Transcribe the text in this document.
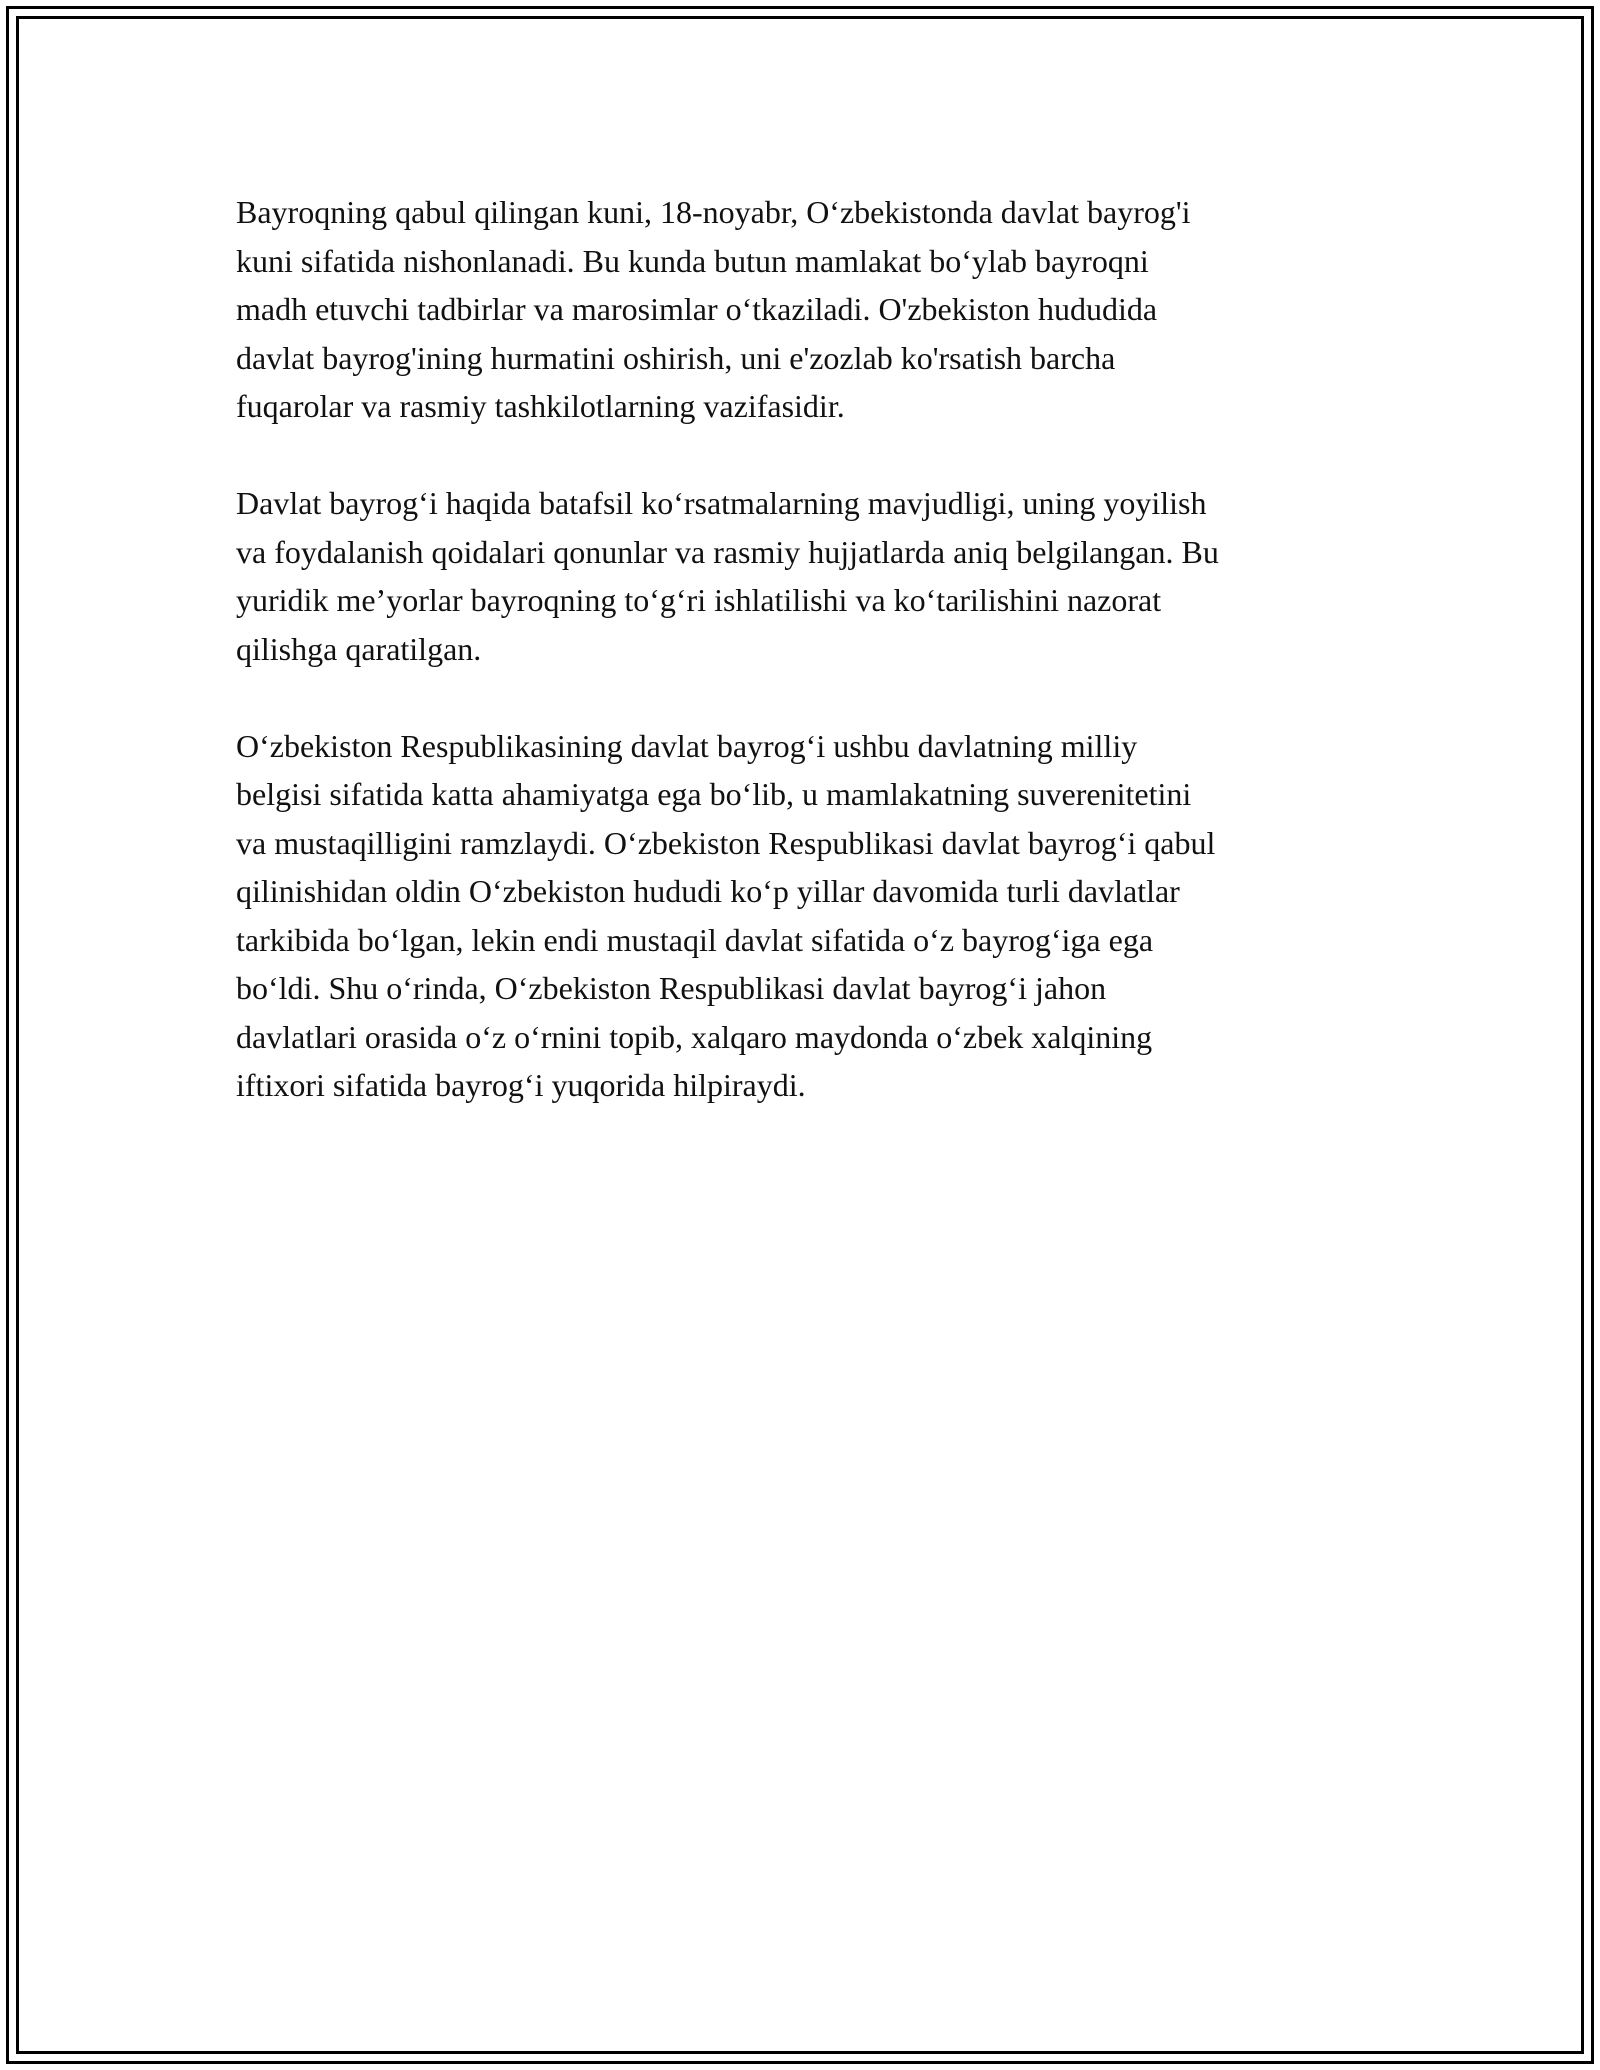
Bayroqning qabul qilingan kuni, 18-noyabr, O‘zbekistonda davlat bayrog'i
kuni sifatida nishonlanadi. Bu kunda butun mamlakat bo‘ylab bayroqni
madh etuvchi tadbirlar va marosimlar o‘tkaziladi. O'zbekiston hududida
davlat bayrog'ining hurmatini oshirish, uni e'zozlab ko'rsatish barcha
fuqarolar va rasmiy tashkilotlarning vazifasidir.

Davlat bayrog‘i haqida batafsil ko‘rsatmalarning mavjudligi, uning yoyilish
va foydalanish qoidalari qonunlar va rasmiy hujjatlarda aniq belgilangan. Bu
yuridik me’yorlar bayroqning to‘g‘ri ishlatilishi va ko‘tarilishini nazorat
qilishga qaratilgan.

O‘zbekiston Respublikasining davlat bayrog‘i ushbu davlatning milliy
belgisi sifatida katta ahamiyatga ega bo‘lib, u mamlakatning suverenitetini
va mustaqilligini ramzlaydi. O‘zbekiston Respublikasi davlat bayrog‘i qabul
qilinishidan oldin O‘zbekiston hududi ko‘p yillar davomida turli davlatlar
tarkibida bo‘lgan, lekin endi mustaqil davlat sifatida o‘z bayrog‘iga ega
bo‘ldi. Shu o‘rinda, O‘zbekiston Respublikasi davlat bayrog‘i jahon
davlatlari orasida o‘z o‘rnini topib, xalqaro maydonda o‘zbek xalqining
iftixori sifatida bayrog‘i yuqorida hilpiraydi.
